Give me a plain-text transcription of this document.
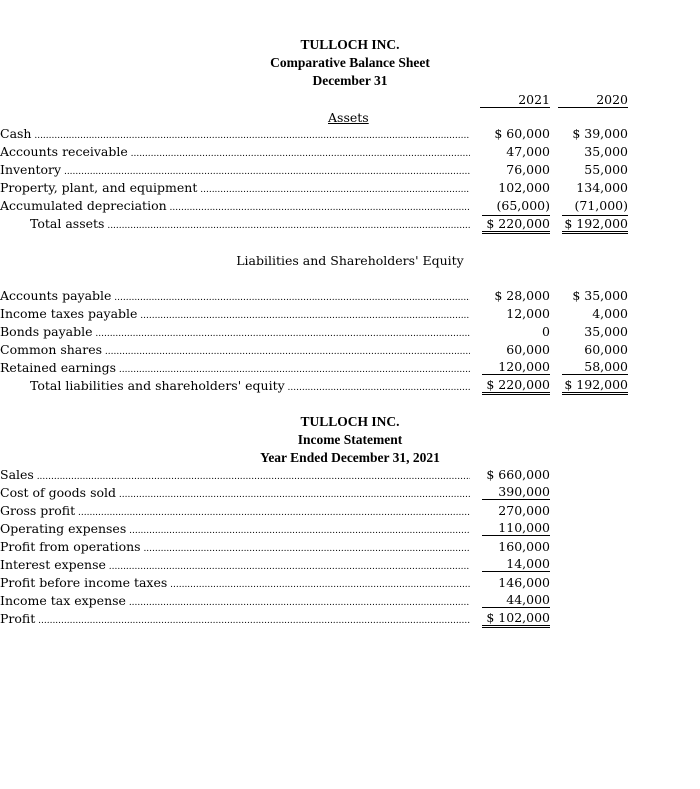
TULLOCH INC.
Comparative Balance Sheet
December 31
2021	2020
Assets
Cash .....	$ 60,000	$ 39,000
Accounts receivable .....	47,000	35,000
Inventory .....	76,000	55,000
Property, plant, and equipment .....	102,000	134,000
Accumulated depreciation .....	(65,000)	(71,000)
Total assets .....	$ 220,000 $ 192,000
Liabilities and Shareholders' Equity
Accounts payable .....	$ 28,000	$ 35,000
Income taxes payable .....	12,000	4,000
Bonds payable .....	0	35,000
Common shares .....	60,000	60,000
Retained earnings .....	120,000	58,000
Total liabilities and shareholders' equity .....	$ 220,000 $ 192,000
TULLOCH INC.
Income Statement
Year Ended December 31, 2021
Sales .....	$ 660,000
Cost of goods sold .....	390,000
Gross profit .....	270,000
Operating expenses .....	110,000
Profit from operations .....	160,000
Interest expense .....	14,000
Profit before income taxes .....	146,000
Income tax expense .....	44,000
Profit .....	$ 102,000
